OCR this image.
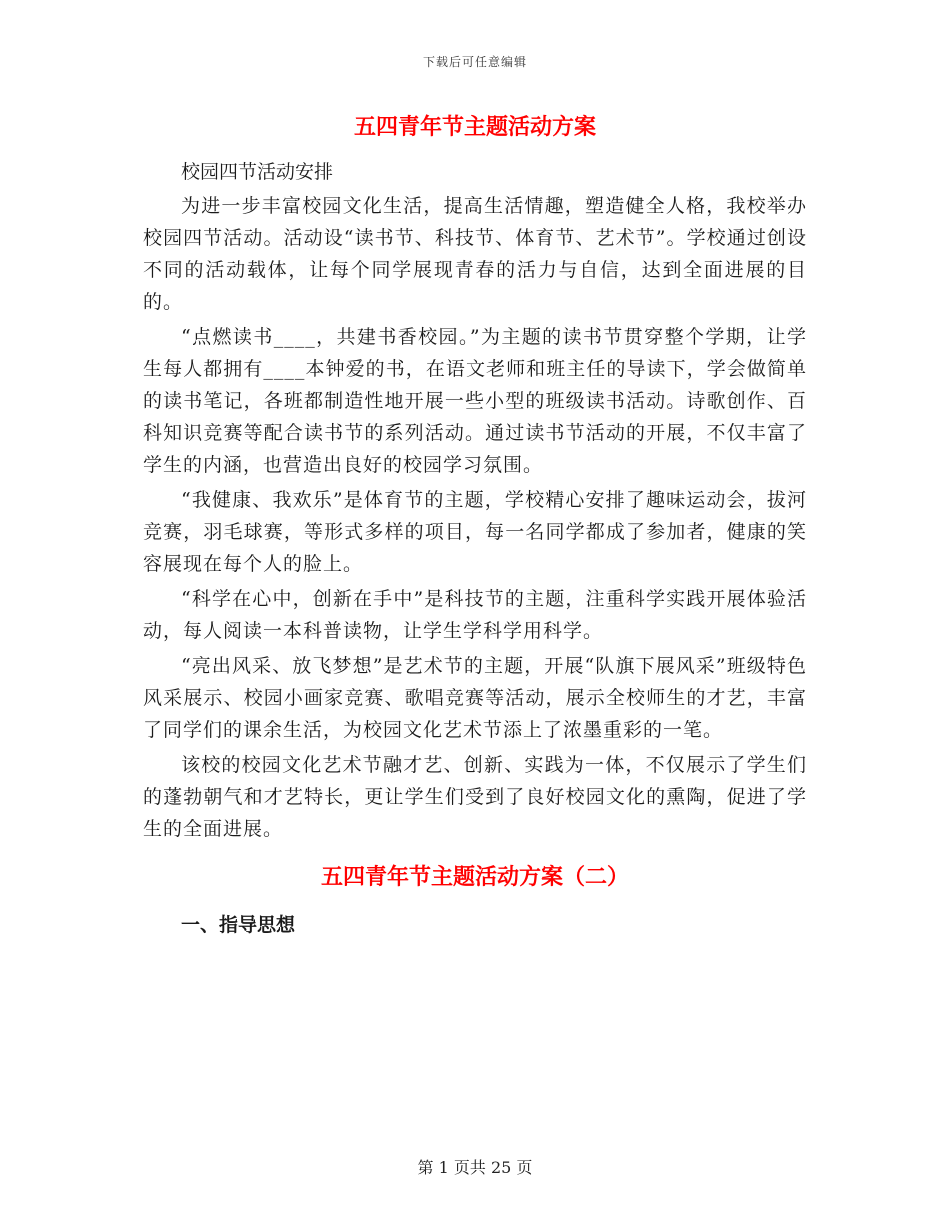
下载后可任意编辑
五四青年节主题活动方案
校园四节活动安排

为进一步丰富校园文化生活，提高生活情趣，塑造健全人格，我校举办校园四节活动。活动设“读书节、科技节、体育节、艺术节”。学校通过创设不同的活动载体，让每个同学展现青春的活力与自信，达到全面进展的目的。

“点燃读书____，共建书香校园。”为主题的读书节贯穿整个学期，让学生每人都拥有____本钟爱的书，在语文老师和班主任的导读下，学会做简单的读书笔记，各班都制造性地开展一些小型的班级读书活动。诗歌创作、百科知识竞赛等配合读书节的系列活动。通过读书节活动的开展，不仅丰富了学生的内涵，也营造出良好的校园学习氛围。

“我健康、我欢乐”是体育节的主题，学校精心安排了趣味运动会，拔河竞赛，羽毛球赛，等形式多样的项目，每一名同学都成了参加者，健康的笑容展现在每个人的脸上。

“科学在心中，创新在手中”是科技节的主题，注重科学实践开展体验活动，每人阅读一本科普读物，让学生学科学用科学。

“亮出风采、放飞梦想”是艺术节的主题，开展“队旗下展风采”班级特色风采展示、校园小画家竞赛、歌唱竞赛等活动，展示全校师生的才艺，丰富了同学们的课余生活，为校园文化艺术节添上了浓墨重彩的一笔。

该校的校园文化艺术节融才艺、创新、实践为一体，不仅展示了学生们的蓬勃朝气和才艺特长，更让学生们受到了良好校园文化的熏陶，促进了学生的全面进展。

五四青年节主题活动方案（二）
一、指导思想
第 1 页共 25 页
